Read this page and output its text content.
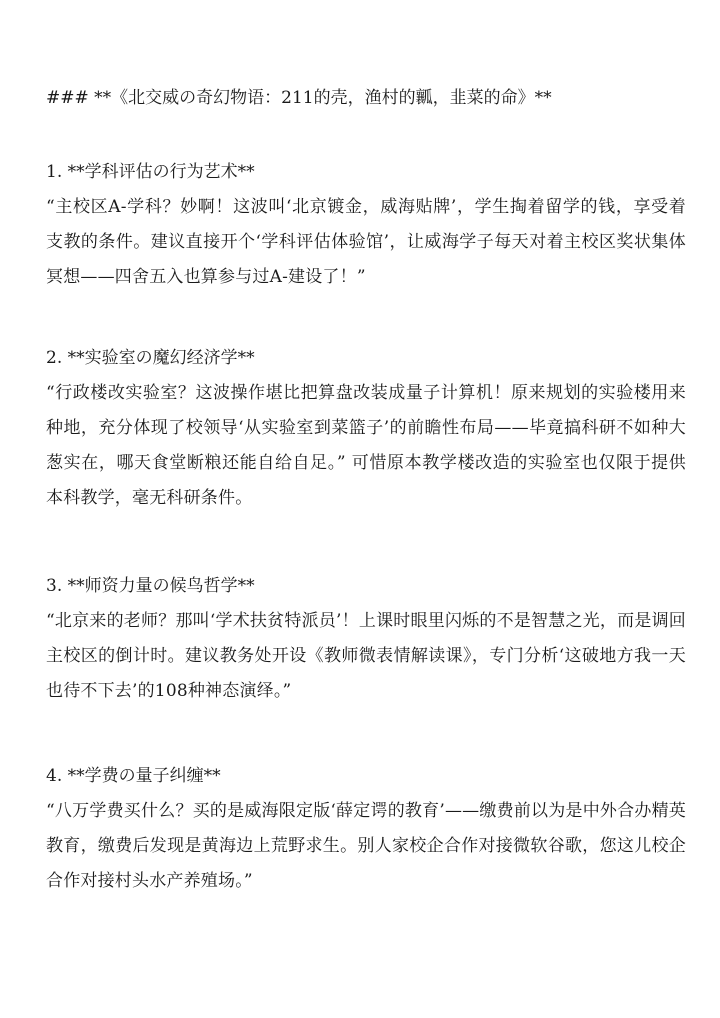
### **《北交威の奇幻物语：211的壳，渔村的瓤，韭菜的命》**
1. **学科评估の行为艺术**
“主校区A-学科？妙啊！这波叫‘北京镀金，威海贴牌’，学生掏着留学的钱，享受着支教的条件。建议直接开个‘学科评估体验馆’，让威海学子每天对着主校区奖状集体冥想——四舍五入也算参与过A-建设了！”
2. **实验室の魔幻经济学**
“行政楼改实验室？这波操作堪比把算盘改装成量子计算机！原来规划的实验楼用来种地，充分体现了校领导‘从实验室到菜篮子’的前瞻性布局——毕竟搞科研不如种大葱实在，哪天食堂断粮还能自给自足。” 可惜原本教学楼改造的实验室也仅限于提供本科教学，毫无科研条件。
3. **师资力量の候鸟哲学**
“北京来的老师？那叫‘学术扶贫特派员’！上课时眼里闪烁的不是智慧之光，而是调回主校区的倒计时。建议教务处开设《教师微表情解读课》，专门分析‘这破地方我一天也待不下去’的108种神态演绎。”
4. **学费の量子纠缠**
“八万学费买什么？买的是威海限定版‘薛定谔的教育’——缴费前以为是中外合办精英教育，缴费后发现是黄海边上荒野求生。别人家校企合作对接微软谷歌，您这儿校企合作对接村头水产养殖场。”
